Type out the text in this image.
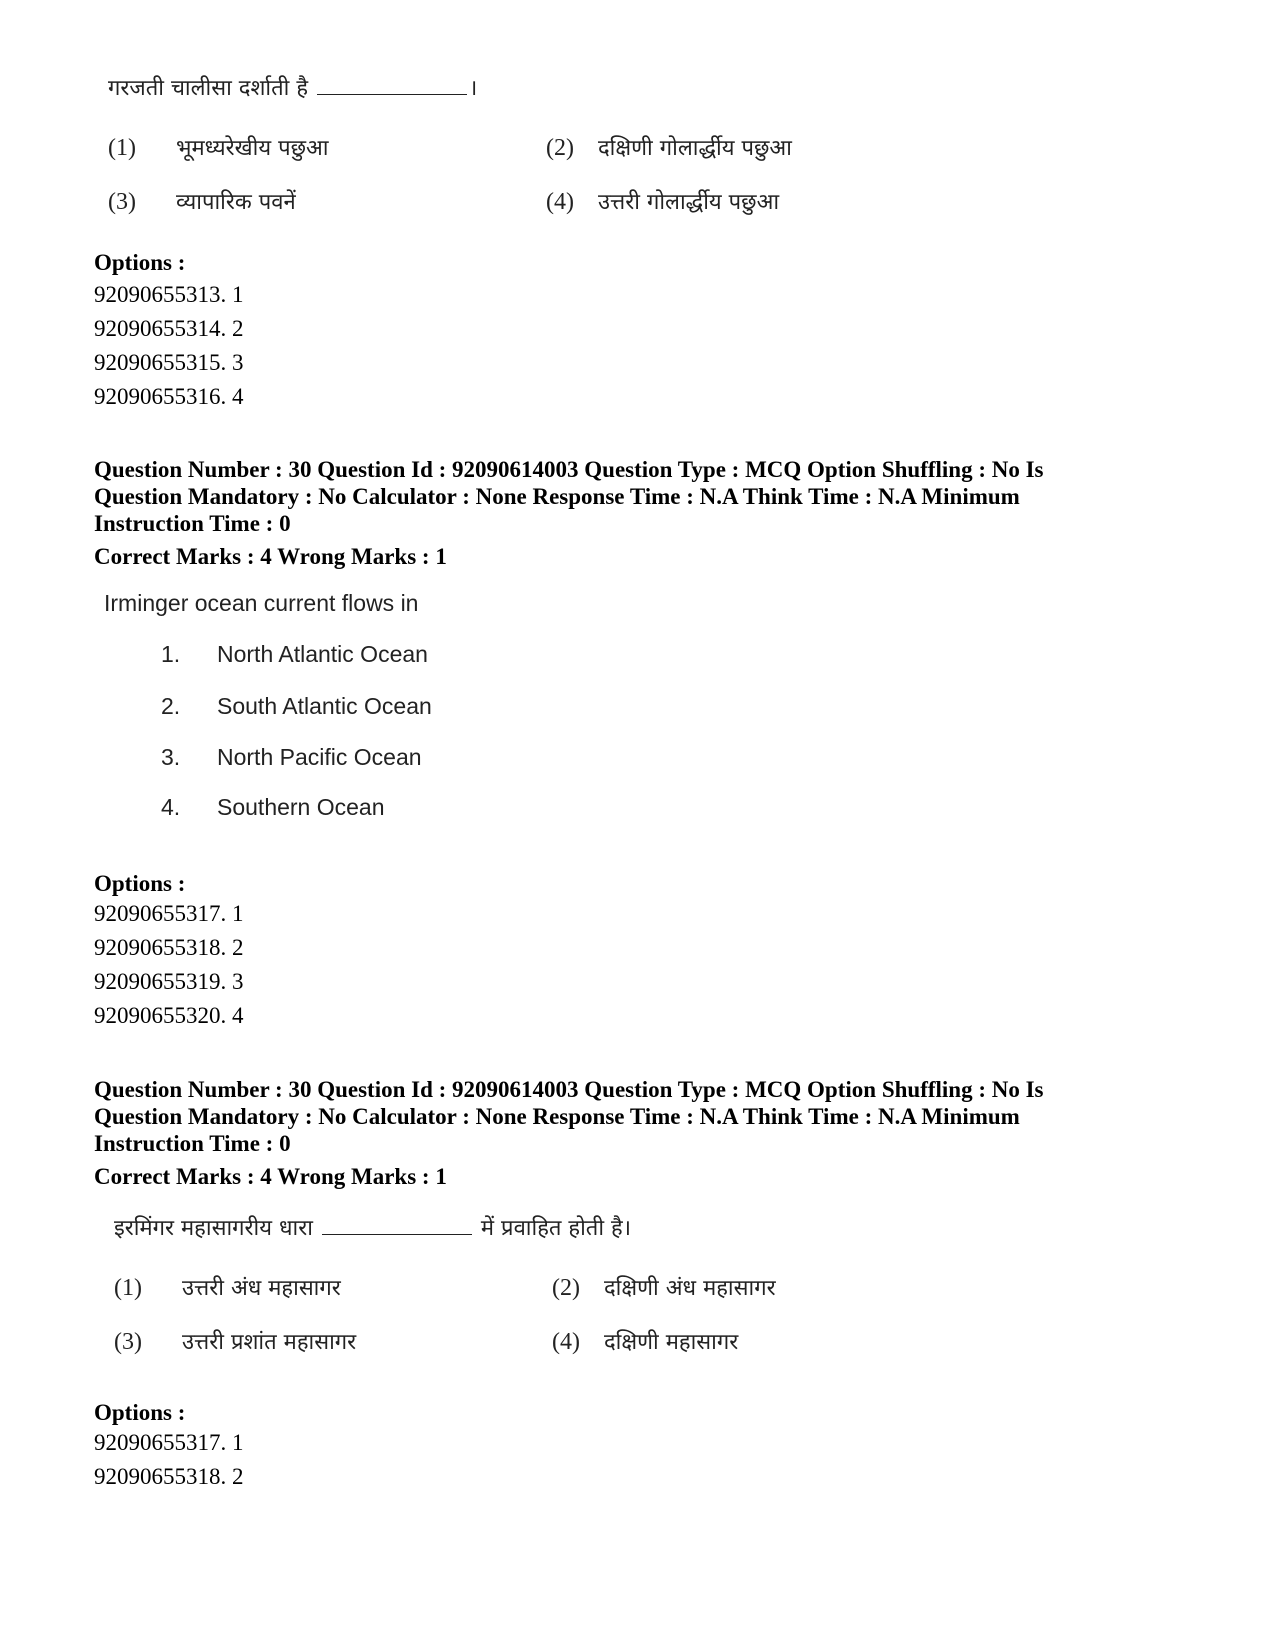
गरजती चालीसा दर्शाती है	।
(1) भूमध्यरेखीय पछुआ	(2) दक्षिणी गोलार्द्धीय पछुआ
(3) व्यापारिक पवनें	(4) उत्तरी गोलार्द्धीय पछुआ
Options :
92090655313. 1
92090655314. 2
92090655315. 3
92090655316. 4
Question Number : 30 Question Id : 92090614003 Question Type : MCQ Option Shuffling : No Is
Question Mandatory : No Calculator : None Response Time : N.A Think Time : N.A Minimum
Instruction Time : 0
Correct Marks : 4 Wrong Marks : 1
Irminger ocean current flows in
1. North Atlantic Ocean
2. South Atlantic Ocean
3. North Pacific Ocean
4. Southern Ocean
Options :
92090655317. 1
92090655318. 2
92090655319. 3
92090655320. 4
Question Number : 30 Question Id : 92090614003 Question Type : MCQ Option Shuffling : No Is
Question Mandatory : No Calculator : None Response Time : N.A Think Time : N.A Minimum
Instruction Time : 0
Correct Marks : 4 Wrong Marks : 1
इरमिंगर महासागरीय धारा	में प्रवाहित होती है।
(1) उत्तरी अंध महासागर	(2) दक्षिणी अंध महासागर
(3) उत्तरी प्रशांत महासागर	(4) दक्षिणी महासागर
Options :
92090655317. 1
92090655318. 2
